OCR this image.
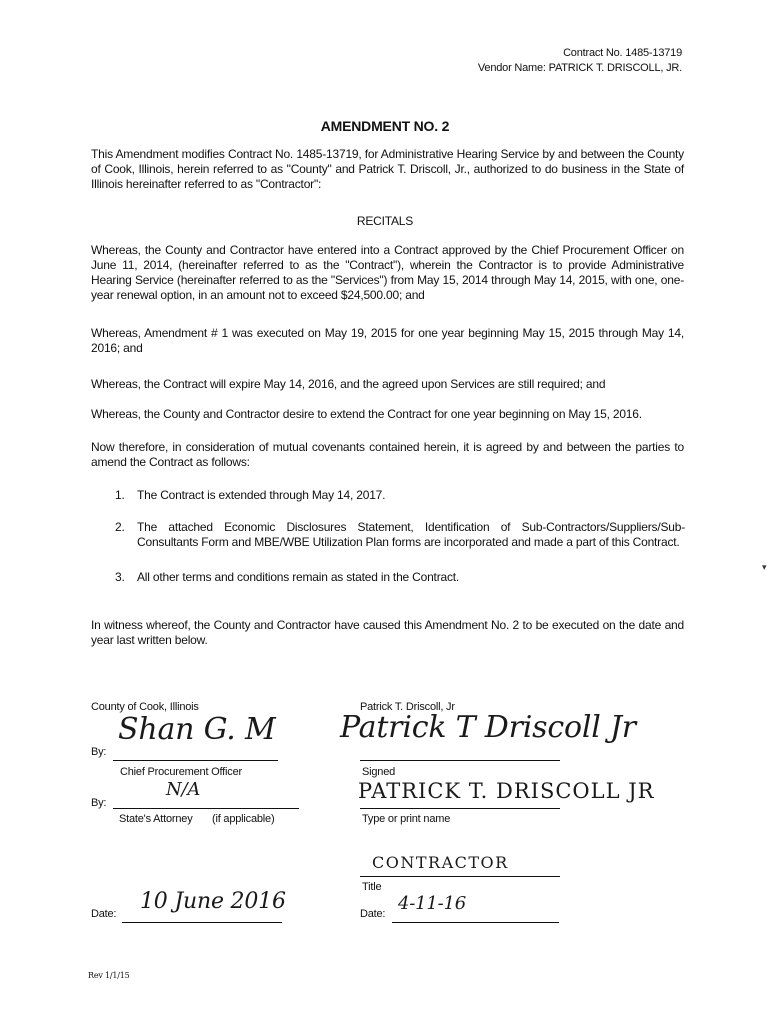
Contract No. 1485-13719
Vendor Name: PATRICK T. DRISCOLL, JR.
AMENDMENT NO. 2
This Amendment modifies Contract No. 1485-13719, for Administrative Hearing Service by and between the County of Cook, Illinois, herein referred to as "County" and Patrick T. Driscoll, Jr., authorized to do business in the State of Illinois hereinafter referred to as "Contractor":
RECITALS
Whereas, the County and Contractor have entered into a Contract approved by the Chief Procurement Officer on June 11, 2014, (hereinafter referred to as the "Contract"), wherein the Contractor is to provide Administrative Hearing Service (hereinafter referred to as the "Services") from May 15, 2014 through May 14, 2015, with one, one-year renewal option, in an amount not to exceed $24,500.00; and
Whereas, Amendment # 1 was executed on May 19, 2015 for one year beginning May 15, 2015 through May 14, 2016; and
Whereas, the Contract will expire May 14, 2016, and the agreed upon Services are still required; and
Whereas, the County and Contractor desire to extend the Contract for one year beginning on May 15, 2016.
Now therefore, in consideration of mutual covenants contained herein, it is agreed by and between the parties to amend the Contract as follows:
1.	The Contract is extended through May 14, 2017.
2.	The attached Economic Disclosures Statement, Identification of Sub-Contractors/Suppliers/Sub-Consultants Form and MBE/WBE Utilization Plan forms are incorporated and made a part of this Contract.
3.	All other terms and conditions remain as stated in the Contract.
In witness whereof, the County and Contractor have caused this Amendment No. 2 to be executed on the date and year last written below.
County of Cook, Illinois
By:
Shan G. M
Chief Procurement Officer
By:
N/A
State's Attorney (if applicable)
Date: 10 June 2016
Patrick T. Driscoll, Jr
Patrick T Driscoll Jr
Signed
PATRICK T. DRISCOLL JR
Type or print name
CONTRACTOR
Title
Date: 4-11-16
Rev 1/1/15
▾
